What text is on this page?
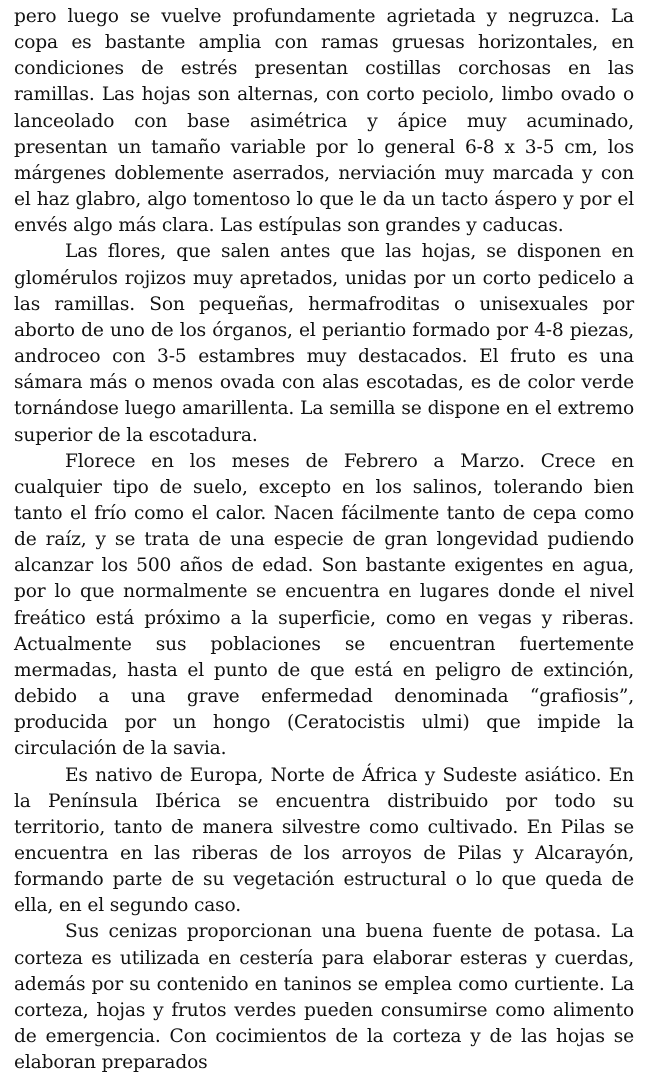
pero luego se vuelve profundamente agrietada y negruzca. La copa es bastante amplia con ramas gruesas horizontales, en condiciones de estrés presentan costillas corchosas en las ramillas. Las hojas son alternas, con corto peciolo, limbo ovado o lanceolado con base asimétrica y ápice muy acuminado, presentan un tamaño variable por lo general 6-8 x 3-5 cm, los márgenes doblemente aserrados, nerviación muy marcada y con el haz glabro, algo tomentoso lo que le da un tacto áspero y por el envés algo más clara. Las estípulas son grandes y caducas.

Las flores, que salen antes que las hojas, se disponen en glomérulos rojizos muy apretados, unidas por un corto pedicelo a las ramillas. Son pequeñas, hermafroditas o unisexuales por aborto de uno de los órganos, el periantio formado por 4-8 piezas, androceo con 3-5 estambres muy destacados. El fruto es una sámara más o menos ovada con alas escotadas, es de color verde tornándose luego amarillenta. La semilla se dispone en el extremo superior de la escotadura.

Florece en los meses de Febrero a Marzo. Crece en cualquier tipo de suelo, excepto en los salinos, tolerando bien tanto el frío como el calor. Nacen fácilmente tanto de cepa como de raíz, y se trata de una especie de gran longevidad pudiendo alcanzar los 500 años de edad. Son bastante exigentes en agua, por lo que normalmente se encuentra en lugares donde el nivel freático está próximo a la superficie, como en vegas y riberas. Actualmente sus poblaciones se encuentran fuertemente mermadas, hasta el punto de que está en peligro de extinción, debido a una grave enfermedad denominada “grafiosis”, producida por un hongo (Ceratocistis ulmi) que impide la circulación de la savia.

Es nativo de Europa, Norte de África y Sudeste asiático. En la Península Ibérica se encuentra distribuido por todo su territorio, tanto de manera silvestre como cultivado. En Pilas se encuentra en las riberas de los arroyos de Pilas y Alcarayón, formando parte de su vegetación estructural o lo que queda de ella, en el segundo caso.

Sus cenizas proporcionan una buena fuente de potasa. La corteza es utilizada en cestería para elaborar esteras y cuerdas, además por su contenido en taninos se emplea como curtiente. La corteza, hojas y frutos verdes pueden consumirse como alimento de emergencia. Con cocimientos de la corteza y de las hojas se elaboran preparados
